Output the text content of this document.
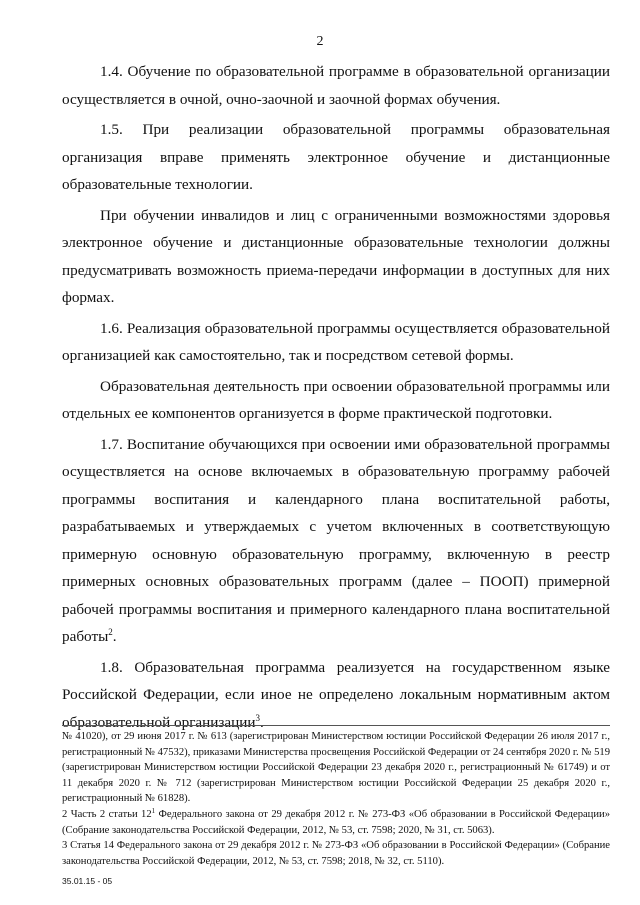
2

1.4. Обучение по образовательной программе в образовательной организации осуществляется в очной, очно-заочной и заочной формах обучения.

1.5. При реализации образовательной программы образовательная организация вправе применять электронное обучение и дистанционные образовательные технологии.

При обучении инвалидов и лиц с ограниченными возможностями здоровья электронное обучение и дистанционные образовательные технологии должны предусматривать возможность приема-передачи информации в доступных для них формах.

1.6. Реализация образовательной программы осуществляется образовательной организацией как самостоятельно, так и посредством сетевой формы.

Образовательная деятельность при освоении образовательной программы или отдельных ее компонентов организуется в форме практической подготовки.

1.7. Воспитание обучающихся при освоении ими образовательной программы осуществляется на основе включаемых в образовательную программу рабочей программы воспитания и календарного плана воспитательной работы, разрабатываемых и утверждаемых с учетом включенных в соответствующую примерную основную образовательную программу, включенную в реестр примерных основных образовательных программ (далее – ПООП) примерной рабочей программы воспитания и примерного календарного плана воспитательной работы$^2$.

1.8. Образовательная программа реализуется на государственном языке Российской Федерации, если иное не определено локальным нормативным актом образовательной организации$^3$.

№ 41020), от 29 июня 2017 г. № 613 (зарегистрирован Министерством юстиции Российской Федерации 26 июля 2017 г., регистрационный № 47532), приказами Министерства просвещения Российской Федерации от 24 сентября 2020 г. № 519 (зарегистрирован Министерством юстиции Российской Федерации 23 декабря 2020 г., регистрационный № 61749) и от 11 декабря 2020 г. № 712 (зарегистрирован Министерством юстиции Российской Федерации 25 декабря 2020 г., регистрационный № 61828).

2 Часть 2 статьи $12^1$ Федерального закона от 29 декабря 2012 г. № 273-ФЗ «Об образовании в Российской Федерации» (Собрание законодательства Российской Федерации, 2012, № 53, ст. 7598; 2020, № 31, ст. 5063).

3 Статья 14 Федерального закона от 29 декабря 2012 г. № 273-ФЗ «Об образовании в Российской Федерации» (Собрание законодательства Российской Федерации, 2012, № 53, ст. 7598; 2018, № 32, ст. 5110).

35.01.15 - 05
